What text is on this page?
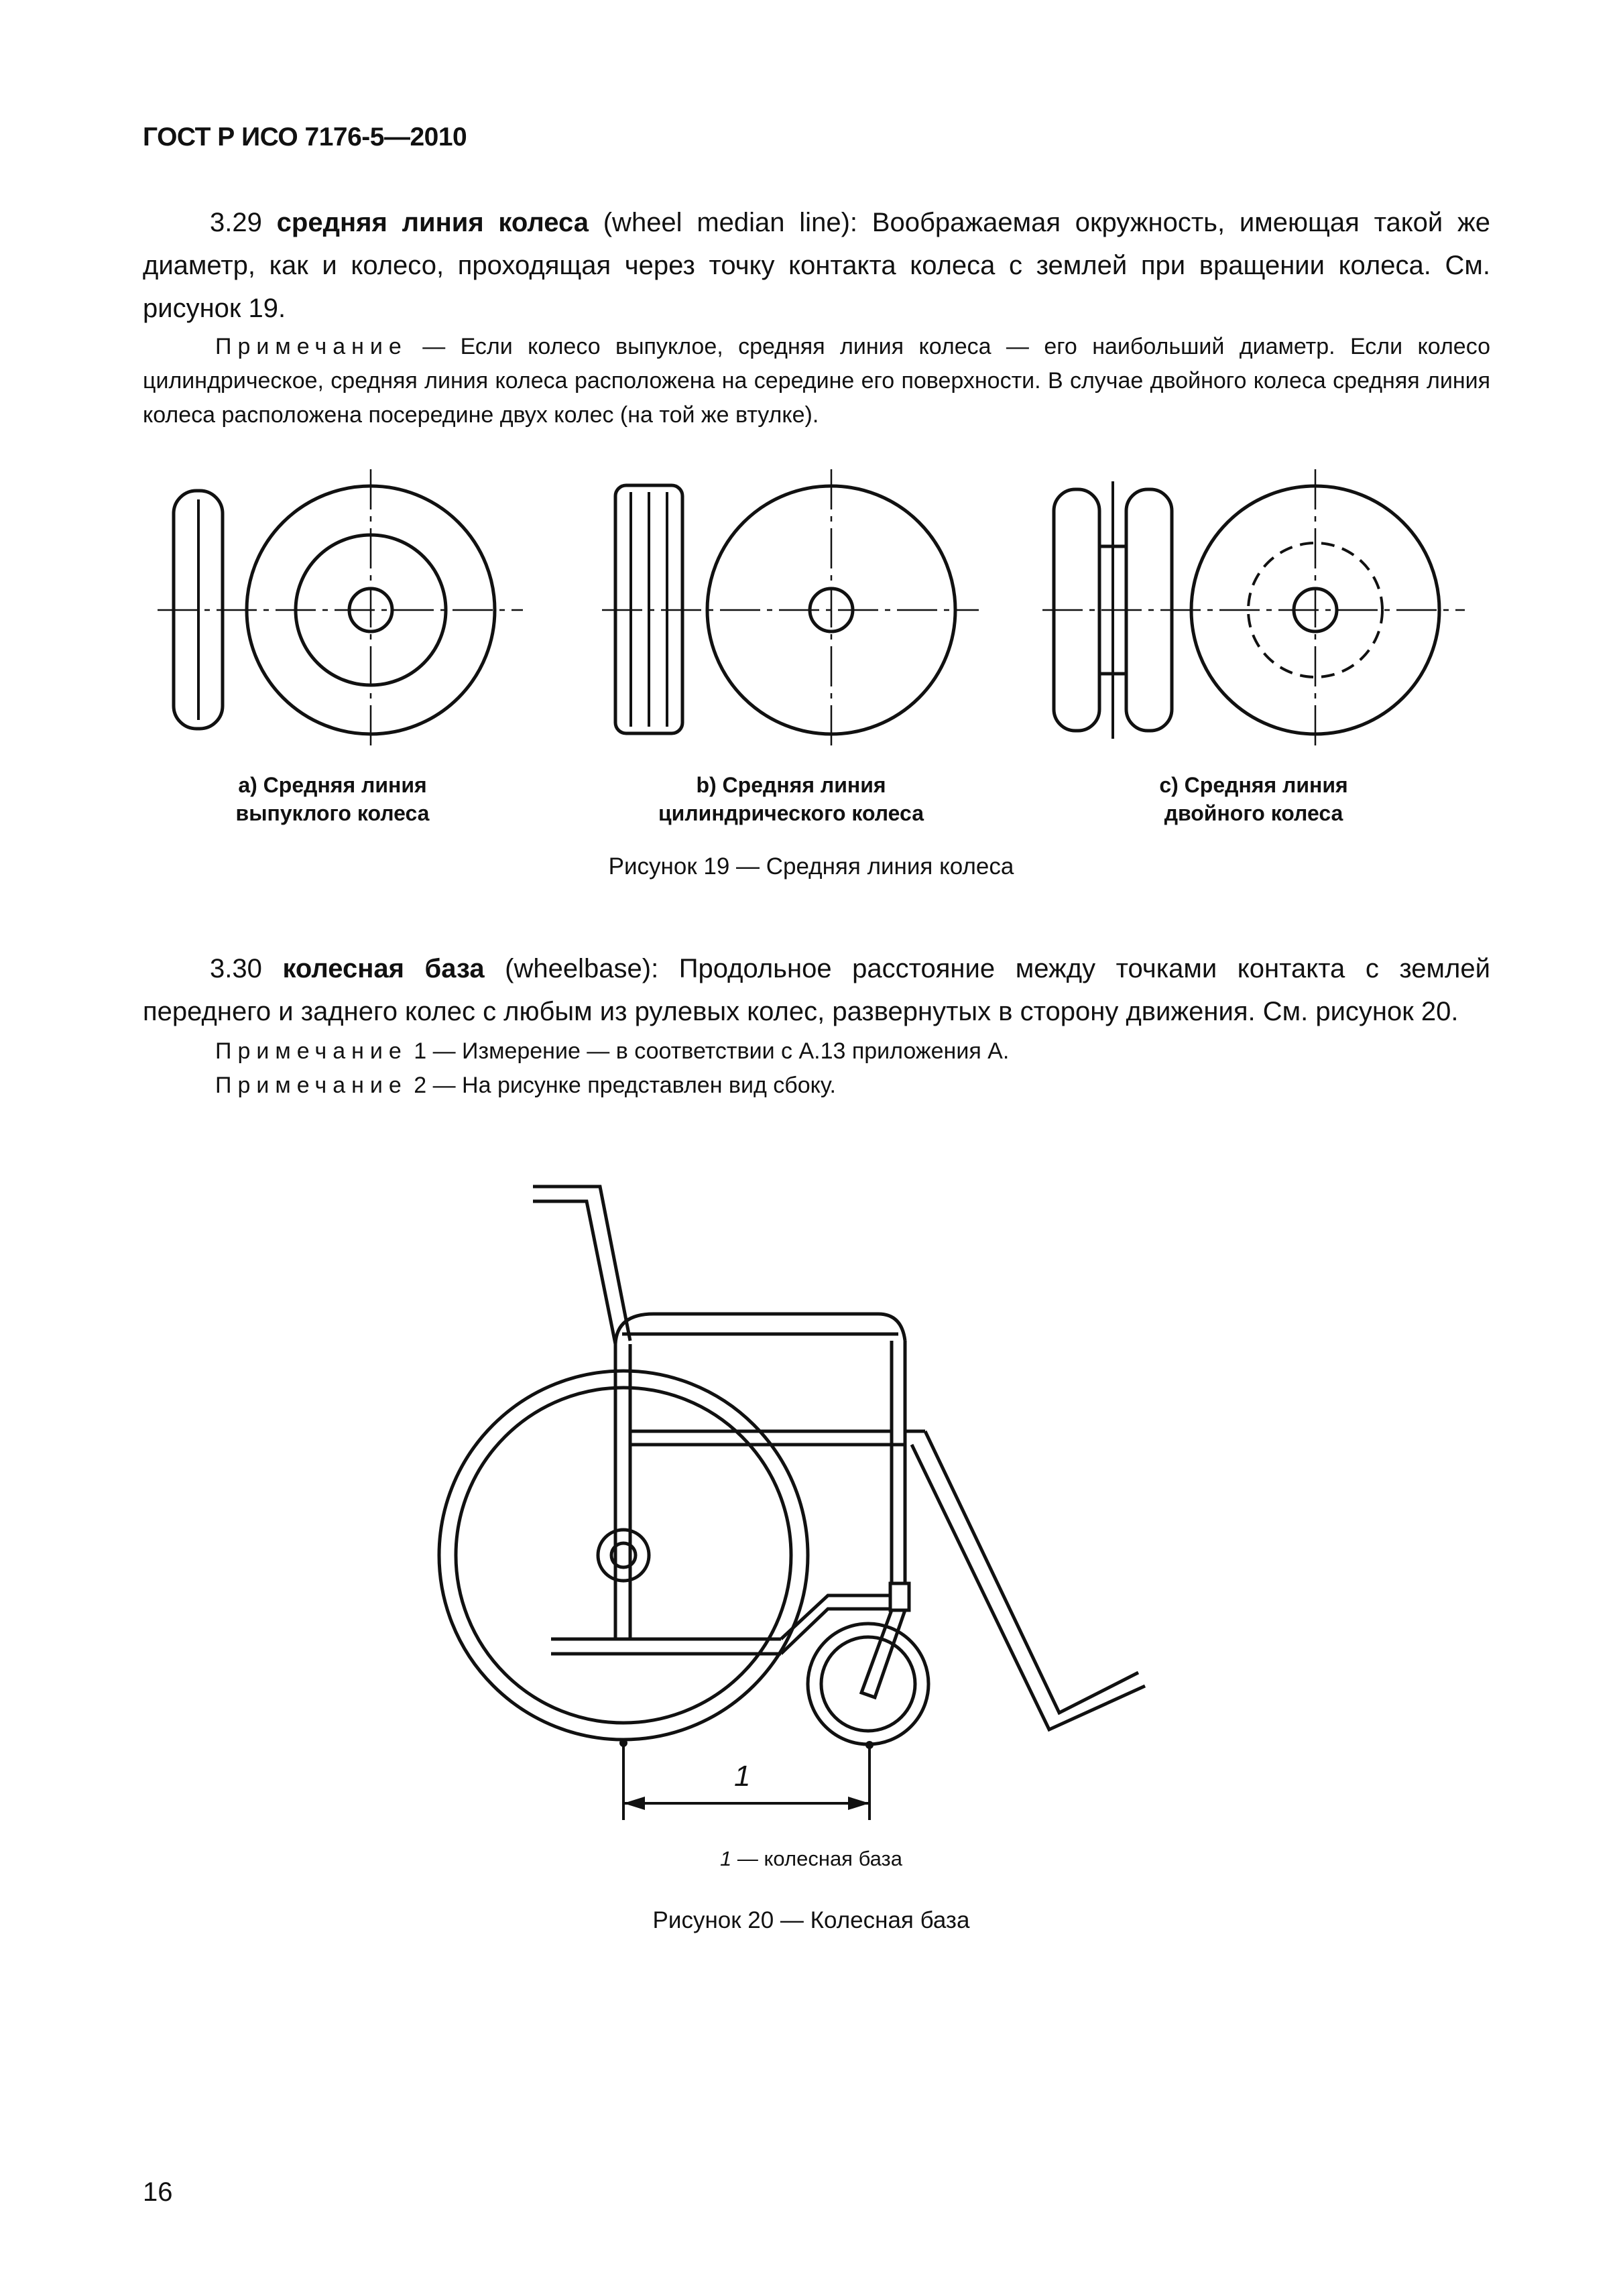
ГОСТ Р ИСО 7176-5—2010
3.29 средняя линия колеса (wheel median line): Воображаемая окружность, имеющая такой же диаметр, как и колесо, проходящая через точку контакта колеса с землей при вращении колеса. См. рисунок 19.
Примечание — Если колесо выпуклое, средняя линия колеса — его наибольший диаметр. Если колесо цилиндрическое, средняя линия колеса расположена на середине его поверхности. В случае двойного колеса средняя линия колеса расположена посередине двух колес (на той же втулке).
a) Средняя линия
выпуклого колеса
b) Средняя линия
цилиндрического колеса
c) Средняя линия
двойного колеса
Рисунок 19 — Средняя линия колеса
3.30 колесная база (wheelbase): Продольное расстояние между точками контакта с землей переднего и заднего колес с любым из рулевых колес, развернутых в сторону движения. См. рисунок 20.
Примечание 1 — Измерение — в соответствии с А.13 приложения А.
Примечание 2 — На рисунке представлен вид сбоку.
1
1 — колесная база
Рисунок 20 — Колесная база
16
